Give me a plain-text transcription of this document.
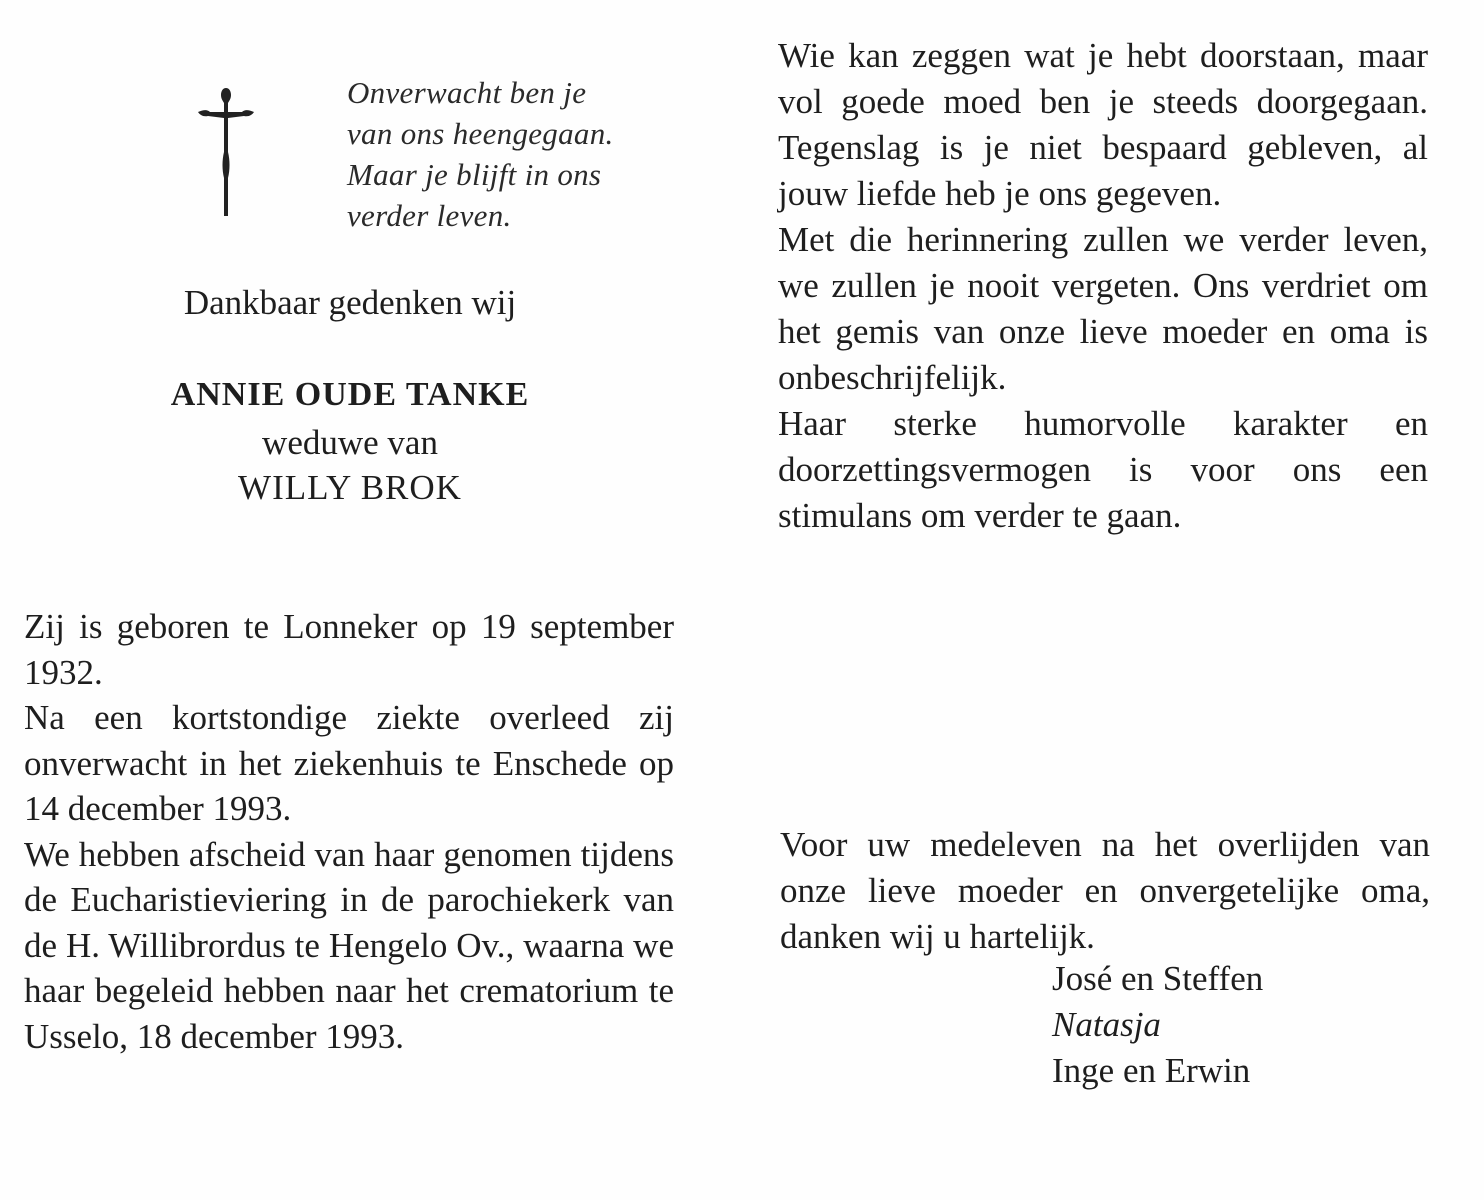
Onverwacht ben je
van ons heengegaan.
Maar je blijft in ons
verder leven.
Dankbaar gedenken wij
ANNIE OUDE TANKE
weduwe van
WILLY BROK

Zij is geboren te Lonneker op 19 september 1932.

Na een kortstondige ziekte overleed zij onverwacht in het ziekenhuis te Enschede op 14 december 1993.

We hebben afscheid van haar genomen tijdens de Eucharistieviering in de parochiekerk van de H. Willibrordus te Hengelo Ov., waarna we haar begeleid hebben naar het crematorium te Usselo, 18 december 1993.

Wie kan zeggen wat je hebt doorstaan, maar vol goede moed ben je steeds doorgegaan. Tegenslag is je niet bespaard gebleven, al jouw liefde heb je ons gegeven.

Met die herinnering zullen we verder leven, we zullen je nooit vergeten. Ons verdriet om het gemis van onze lieve moeder en oma is onbeschrijfelijk.

Haar sterke humorvolle karakter en doorzettingsvermogen is voor ons een stimulans om verder te gaan.

Voor uw medeleven na het overlijden van onze lieve moeder en onvergetelijke oma, danken wij u hartelijk.
José en Steffen
Natasja
Inge en Erwin
